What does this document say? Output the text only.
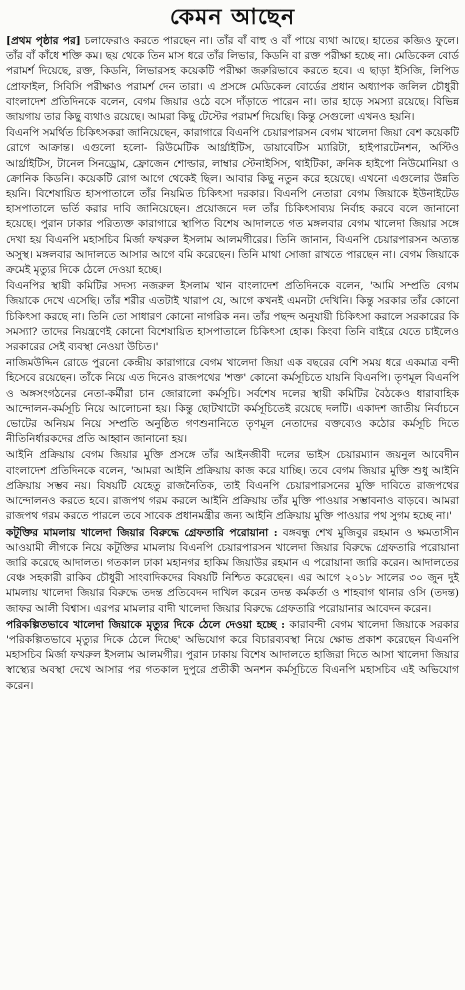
কেমন আছেন

[প্রথম পৃষ্ঠার পর] চলাফেরাও করতে পারছেন না। তাঁর বাঁ বাহু ও বাঁ পায়ে ব্যথা আছে। হাতের কব্জিও ফুলে। তাঁর বাঁ কাঁধে শক্তি কম। ছয় থেকে তিন মাস ধরে তাঁর লিভার, কিডনি বা রক্ত পরীক্ষা হচ্ছে না। মেডিকেল বোর্ড পরামর্শ দিয়েছে, রক্ত, কিডনি, লিভারসহ কয়েকটি পরীক্ষা জরুরিভাবে করতে হবে। এ ছাড়া ইসিজি, লিপিড প্রোফাইল, সিবিসি পরীক্ষাও পরামর্শ দেন তারা। এ প্রসঙ্গে মেডিকেল বোর্ডের প্রধান অধ্যাপক জলিল চৌধুরী বাংলাদেশ প্রতিদিনকে বলেন, বেগম জিয়ার ওঠে বসে দাঁড়াতে পারেন না। তার হাড়ে সমস্যা রয়েছে। বিভিন্ন জায়গায় তার কিছু ব্যথাও রয়েছে। আমরা কিছু টেস্টের পরামর্শ দিয়েছি। কিন্তু সেগুলো এখনও হয়নি।

বিএনপি সমর্থিত চিকিৎসকরা জানিয়েছেন, কারাগারে বিএনপি চেয়ারপারসন বেগম খালেদা জিয়া বেশ কয়েকটি রোগে আক্রান্ত। এগুলো হলো- রিউমেটিক আর্থ্রাইটিস, ডায়াবেটিস ম্যারিটা, হাইপারটেনশন, অস্টিও আর্থ্রাইটিস, টানেল সিনড্রোম, ফ্রোজেন শোল্ডার, লাম্বার স্টেনাইসিস, থাইটিকা, ক্রনিক হাইপো নিউমোনিয়া ও ক্রোনিক কিডনি। কয়েকটি রোগ আগে থেকেই ছিল। আবার কিছু নতুন করে হয়েছে। এখনো এগুলোর উন্নতি হয়নি। বিশেষায়িত হাসপাতালে তাঁর নিয়মিত চিকিৎসা দরকার। বিএনপি নেতারা বেগম জিয়াকে ইউনাইটেড হাসপাতালে ভর্তি করার দাবি জানিয়েছেন। প্রয়োজনে দল তাঁর চিকিৎসাব্যয় নির্বাহ করবে বলে জানানো হয়েছে। পুরান ঢাকার পরিত্যক্ত কারাগারে স্থাপিত বিশেষ আদালতে গত মঙ্গলবার বেগম খালেদা জিয়ার সঙ্গে দেখা হয় বিএনপি মহাসচিব মির্জা ফখরুল ইসলাম আলমগীরের। তিনি জানান, বিএনপি চেয়ারপারসন অত্যন্ত অসুস্থ। মঙ্গলবার আদালতে আসার আগে বমি করেছেন। তিনি মাথা সোজা রাখতে পারছেন না। বেগম জিয়াকে ক্রমেই মৃত্যুর দিকে ঠেলে দেওয়া হচ্ছে।

বিএনপির স্থায়ী কমিটির সদস্য নজরুল ইসলাম খান বাংলাদেশ প্রতিদিনকে বলেন, 'আমি সম্প্রতি বেগম জিয়াকে দেখে এসেছি। তাঁর শরীর এতটাই খারাপ যে, আগে কখনই এমনটা দেখিনি। কিন্তু সরকার তাঁর কোনো চিকিৎসা করছে না। তিনি তো সাধারণ কোনো নাগরিক নন। তাঁর পছন্দ অনুযায়ী চিকিৎসা করালে সরকারের কি সমস্যা? তাদের নিয়ন্ত্রণেই কোনো বিশেষায়িত হাসপাতালে চিকিৎসা হোক। কিংবা তিনি বাইরে যেতে চাইলেও সরকারের সেই ব্যবস্থা নেওয়া উচিত।'

নাজিমউদ্দিন রোডে পুরনো কেন্দ্রীয় কারাগারে বেগম খালেদা জিয়া এক বছরের বেশি সময় ধরে একমাত্র বন্দী হিসেবে রয়েছেন। তাঁকে নিয়ে এত দিনেও রাজপথের 'শক্ত' কোনো কর্মসূচিতে যায়নি বিএনপি। তৃণমূল বিএনপি ও অঙ্গসংগঠনের নেতা-কর্মীরা চান জোরালো কর্মসূচি। সর্বশেষ দলের স্থায়ী কমিটির বৈঠকেও ধারাবাহিক আন্দোলন-কর্মসূচি নিয়ে আলোচনা হয়। কিন্তু ছোটখাটো কর্মসূচিতেই রয়েছে দলটি। একাদশ জাতীয় নির্বাচনে ভোটের অনিয়ম নিয়ে সম্প্রতি অনুষ্ঠিত গণশুনানিতে তৃণমূল নেতাদের বক্তব্যেও কঠোর কর্মসূচি দিতে নীতিনির্ধারকদের প্রতি আহ্বান জানানো হয়।

আইনি প্রক্রিয়ায় বেগম জিয়ার মুক্তি প্রসঙ্গে তাঁর আইনজীবী দলের ভাইস চেয়ারম্যান জয়নুল আবেদীন বাংলাদেশ প্রতিদিনকে বলেন, 'আমরা আইনি প্রক্রিয়ায় কাজ করে যাচ্ছি। তবে বেগম জিয়ার মুক্তি শুধু আইনি প্রক্রিয়ায় সম্ভব নয়। বিষয়টি যেহেতু রাজনৈতিক, তাই বিএনপি চেয়ারপারসনের মুক্তি দাবিতে রাজপথের আন্দোলনও করতে হবে। রাজপথ গরম করলে আইনি প্রক্রিয়ায় তাঁর মুক্তি পাওয়ার সম্ভাবনাও বাড়বে। আমরা রাজপথ গরম করতে পারলে তবে সাবেক প্রধানমন্ত্রীর জন্য আইনি প্রক্রিয়ায় মুক্তি পাওয়ার পথ সুগম হচ্ছে না।'

কটূক্তির মামলায় খালেদা জিয়ার বিরুদ্ধে গ্রেফতারি পরোয়ানা : বঙ্গবন্ধু শেখ মুজিবুর রহমান ও ক্ষমতাসীন আওয়ামী লীগকে নিয়ে কটূক্তির মামলায় বিএনপি চেয়ারপারসন খালেদা জিয়ার বিরুদ্ধে গ্রেফতারি পরোয়ানা জারি করেছে আদালত। গতকাল ঢাকা মহানগর হাকিম জিয়াউর রহমান এ পরোয়ানা জারি করেন। আদালতের বেঞ্চ সহকারী রাকিব চৌধুরী সাংবাদিকদের বিষয়টি নিশ্চিত করেছেন। এর আগে ২০১৮ সালের ৩০ জুন দুই মামলায় খালেদা জিয়ার বিরুদ্ধে তদন্ত প্রতিবেদন দাখিল করেন তদন্ত কর্মকর্তা ও শাহবাগ থানার ওসি (তদন্ত) জাফর আলী বিশ্বাস। এরপর মামলার বাদী খালেদা জিয়ার বিরুদ্ধে গ্রেফতারি পরোয়ানার আবেদন করেন।

পরিকল্পিতভাবে খালেদা জিয়াকে মৃত্যুর দিকে ঠেলে দেওয়া হচ্ছে : কারাবন্দী বেগম খালেদা জিয়াকে সরকার 'পরিকল্পিতভাবে মৃত্যুর দিকে ঠেলে দিচ্ছে' অভিযোগ করে বিচারব্যবস্থা নিয়ে ক্ষোভ প্রকাশ করেছেন বিএনপি মহাসচিব মির্জা ফখরুল ইসলাম আলমগীর। পুরান ঢাকায় বিশেষ আদালতে হাজিরা দিতে আসা খালেদা জিয়ার স্বাস্থ্যের অবস্থা দেখে আসার পর গতকাল দুপুরে প্রতীকী অনশন কর্মসূচিতে বিএনপি মহাসচিব এই অভিযোগ করেন।
